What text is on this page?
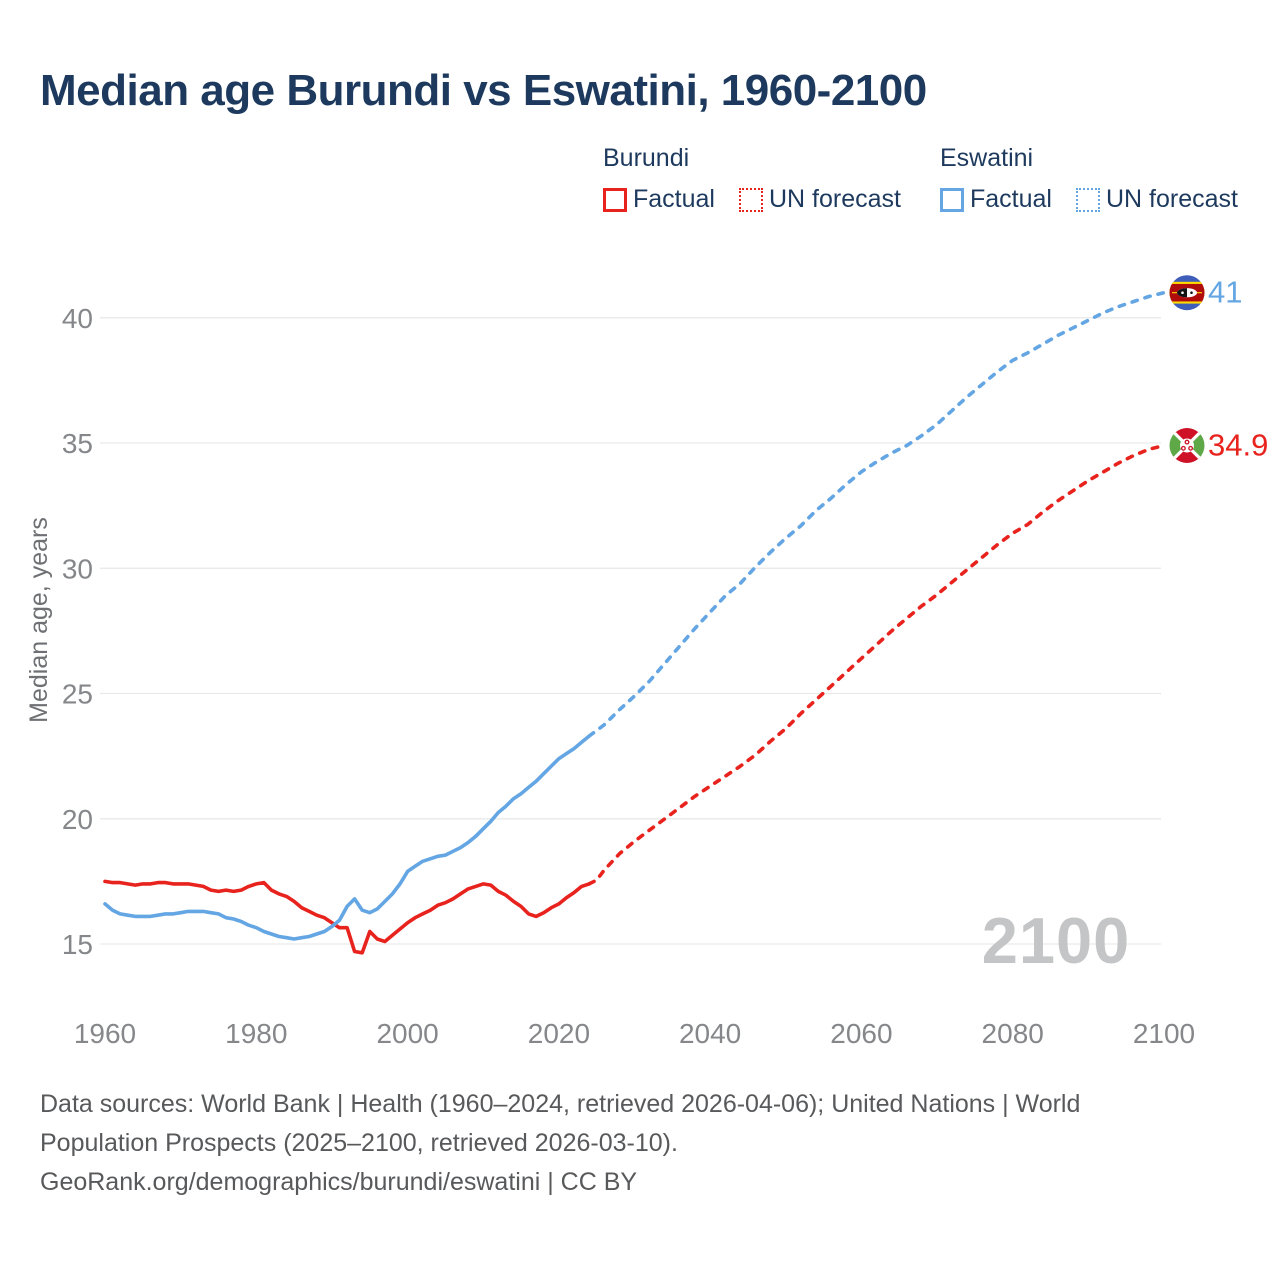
Median age Burundi vs Eswatini, 1960-2100
Burundi
Factual UN forecast
Eswatini
Factual UN forecast
Median age, years
15
20
25
30
35
40
1960	1980	2000	2020	2040	2060	2080	2100
2100
41
34.9

Data sources: World Bank | Health (1960–2024, retrieved 2026-04-06); United Nations | World

Population Prospects (2025–2100, retrieved 2026-03-10).

GeoRank.org/demographics/burundi/eswatini | CC BY
